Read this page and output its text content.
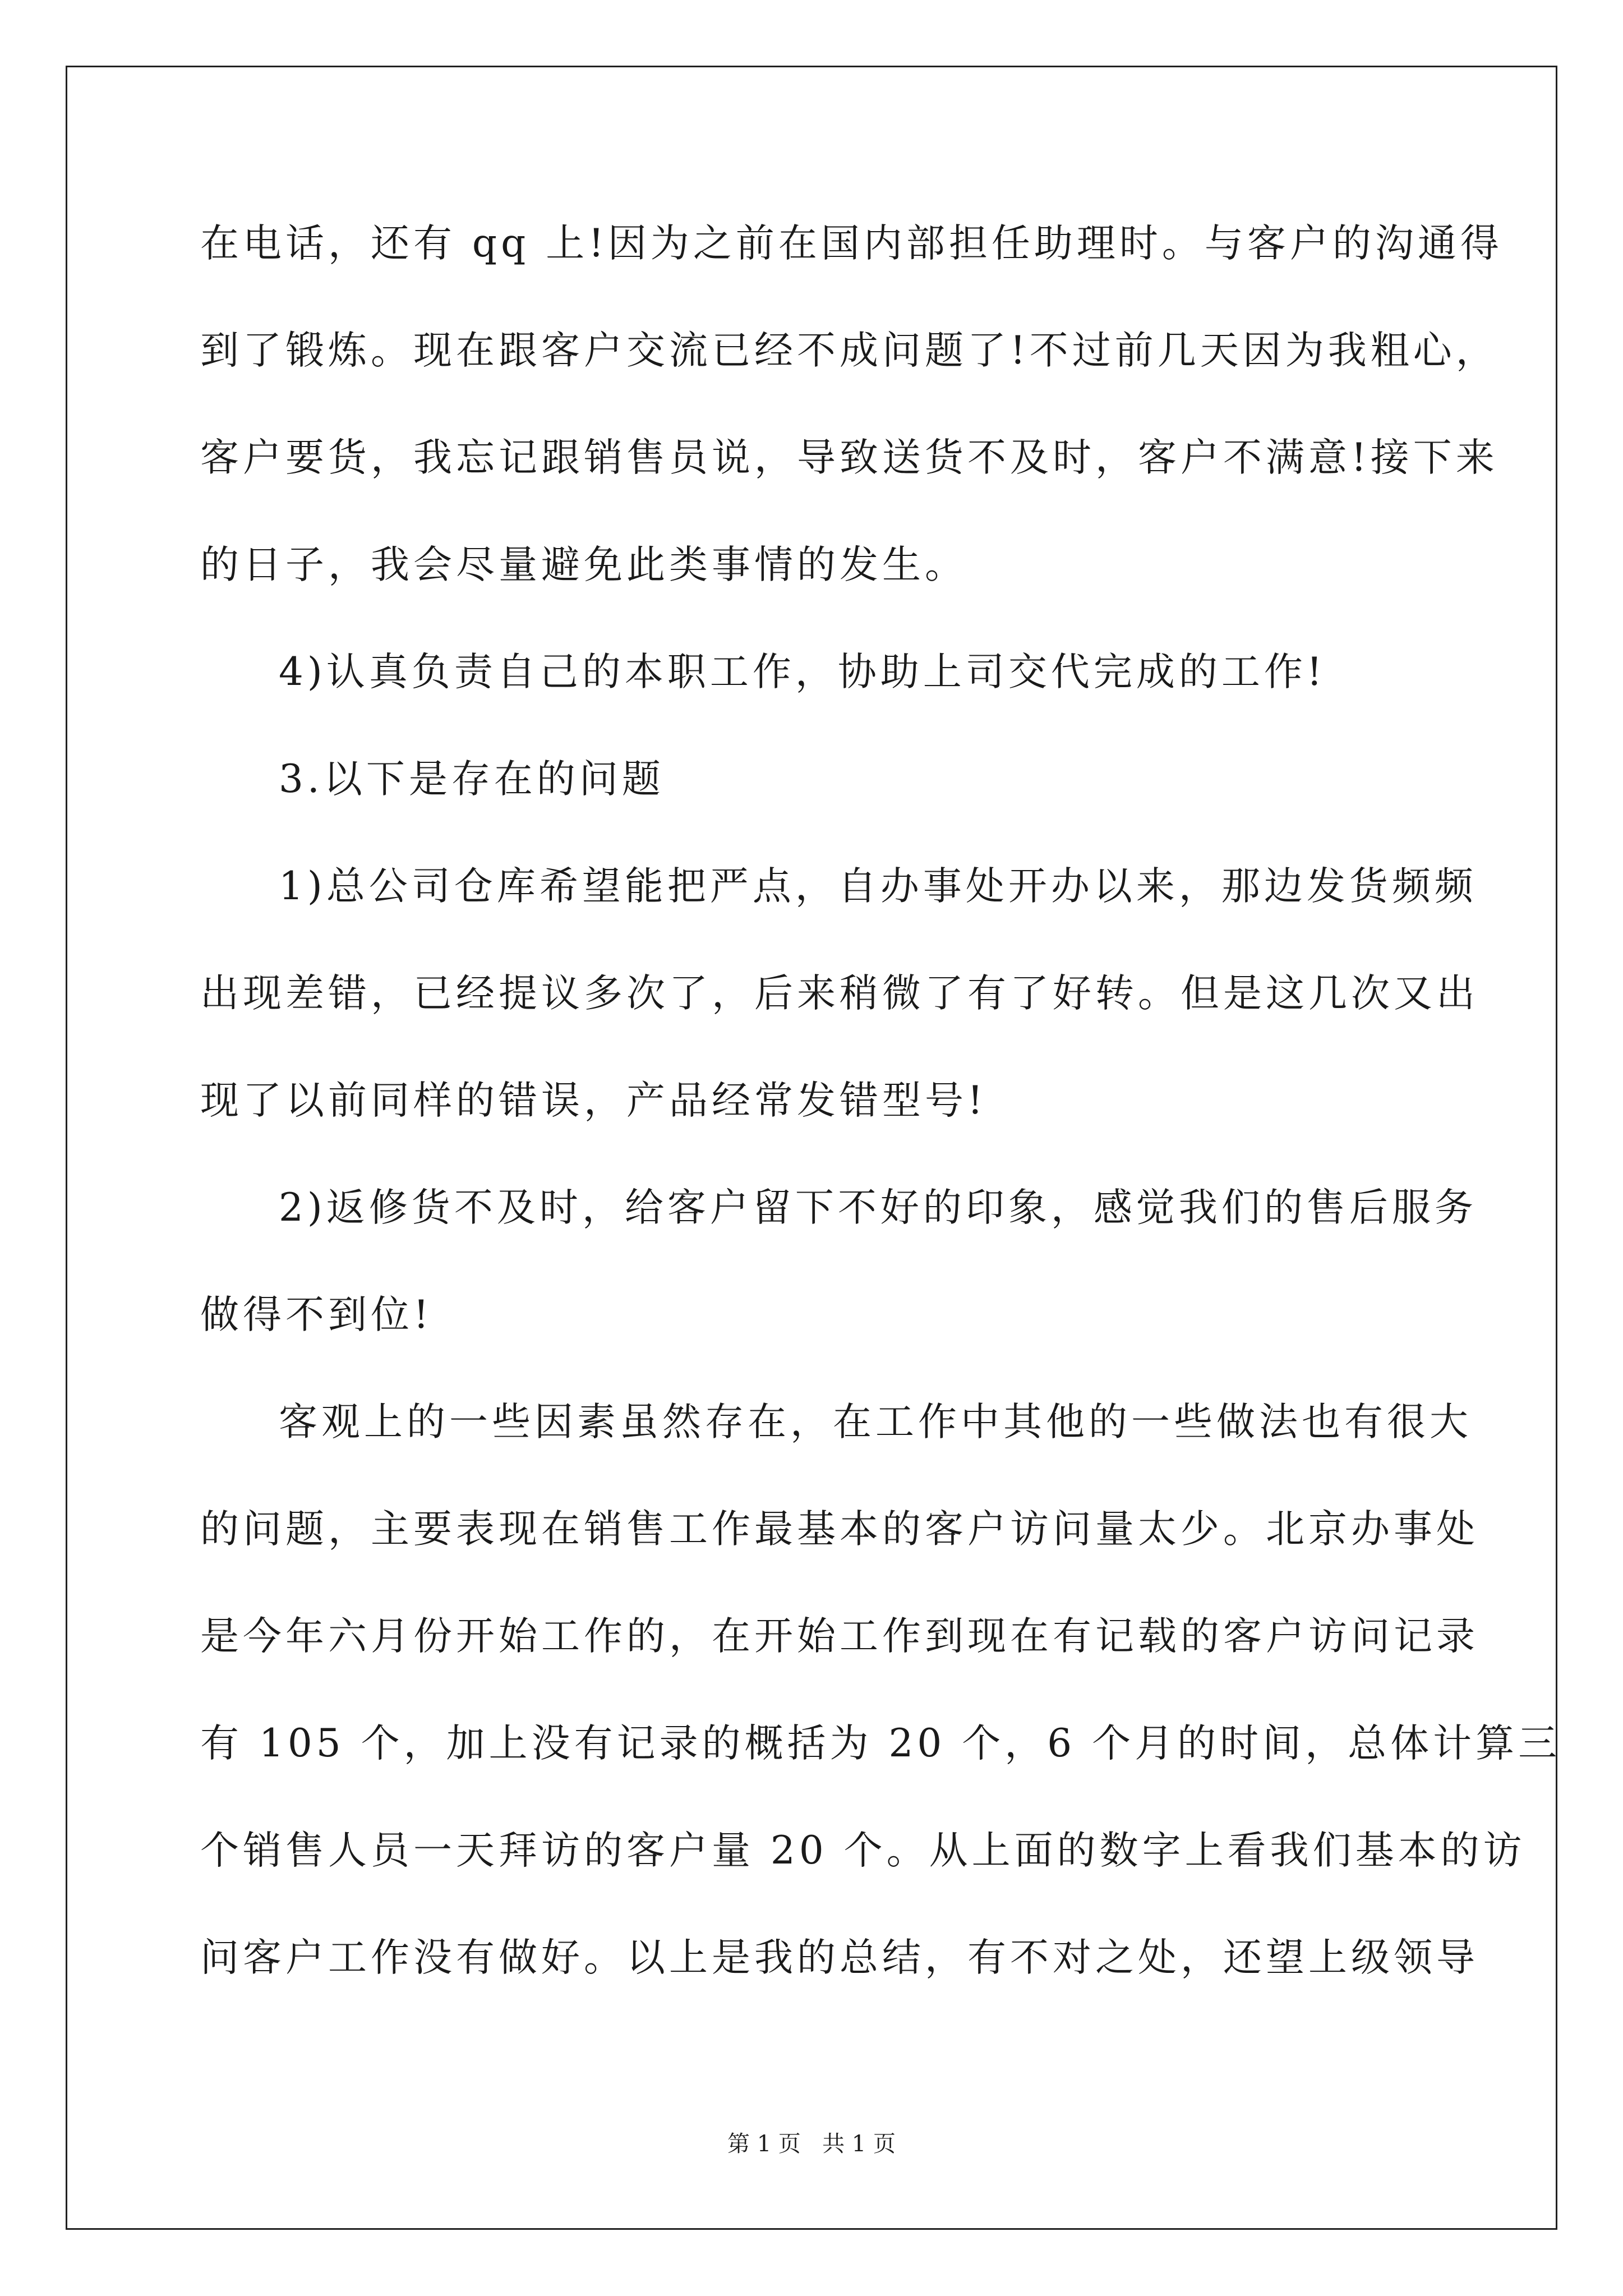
在电话，还有 qq 上!因为之前在国内部担任助理时。与客户的沟通得
到了锻炼。现在跟客户交流已经不成问题了!不过前几天因为我粗心，
客户要货，我忘记跟销售员说，导致送货不及时，客户不满意!接下来
的日子，我会尽量避免此类事情的发生。
4)认真负责自己的本职工作，协助上司交代完成的工作!
3.以下是存在的问题
1)总公司仓库希望能把严点，自办事处开办以来，那边发货频频
出现差错，已经提议多次了，后来稍微了有了好转。但是这几次又出
现了以前同样的错误，产品经常发错型号!
2)返修货不及时，给客户留下不好的印象，感觉我们的售后服务
做得不到位!
客观上的一些因素虽然存在，在工作中其他的一些做法也有很大
的问题，主要表现在销售工作最基本的客户访问量太少。北京办事处
是今年六月份开始工作的，在开始工作到现在有记载的客户访问记录
有 105 个，加上没有记录的概括为 20 个，6 个月的时间，总体计算三
个销售人员一天拜访的客户量 20 个。从上面的数字上看我们基本的访
问客户工作没有做好。以上是我的总结，有不对之处，还望上级领导
第 1 页   共 1 页
